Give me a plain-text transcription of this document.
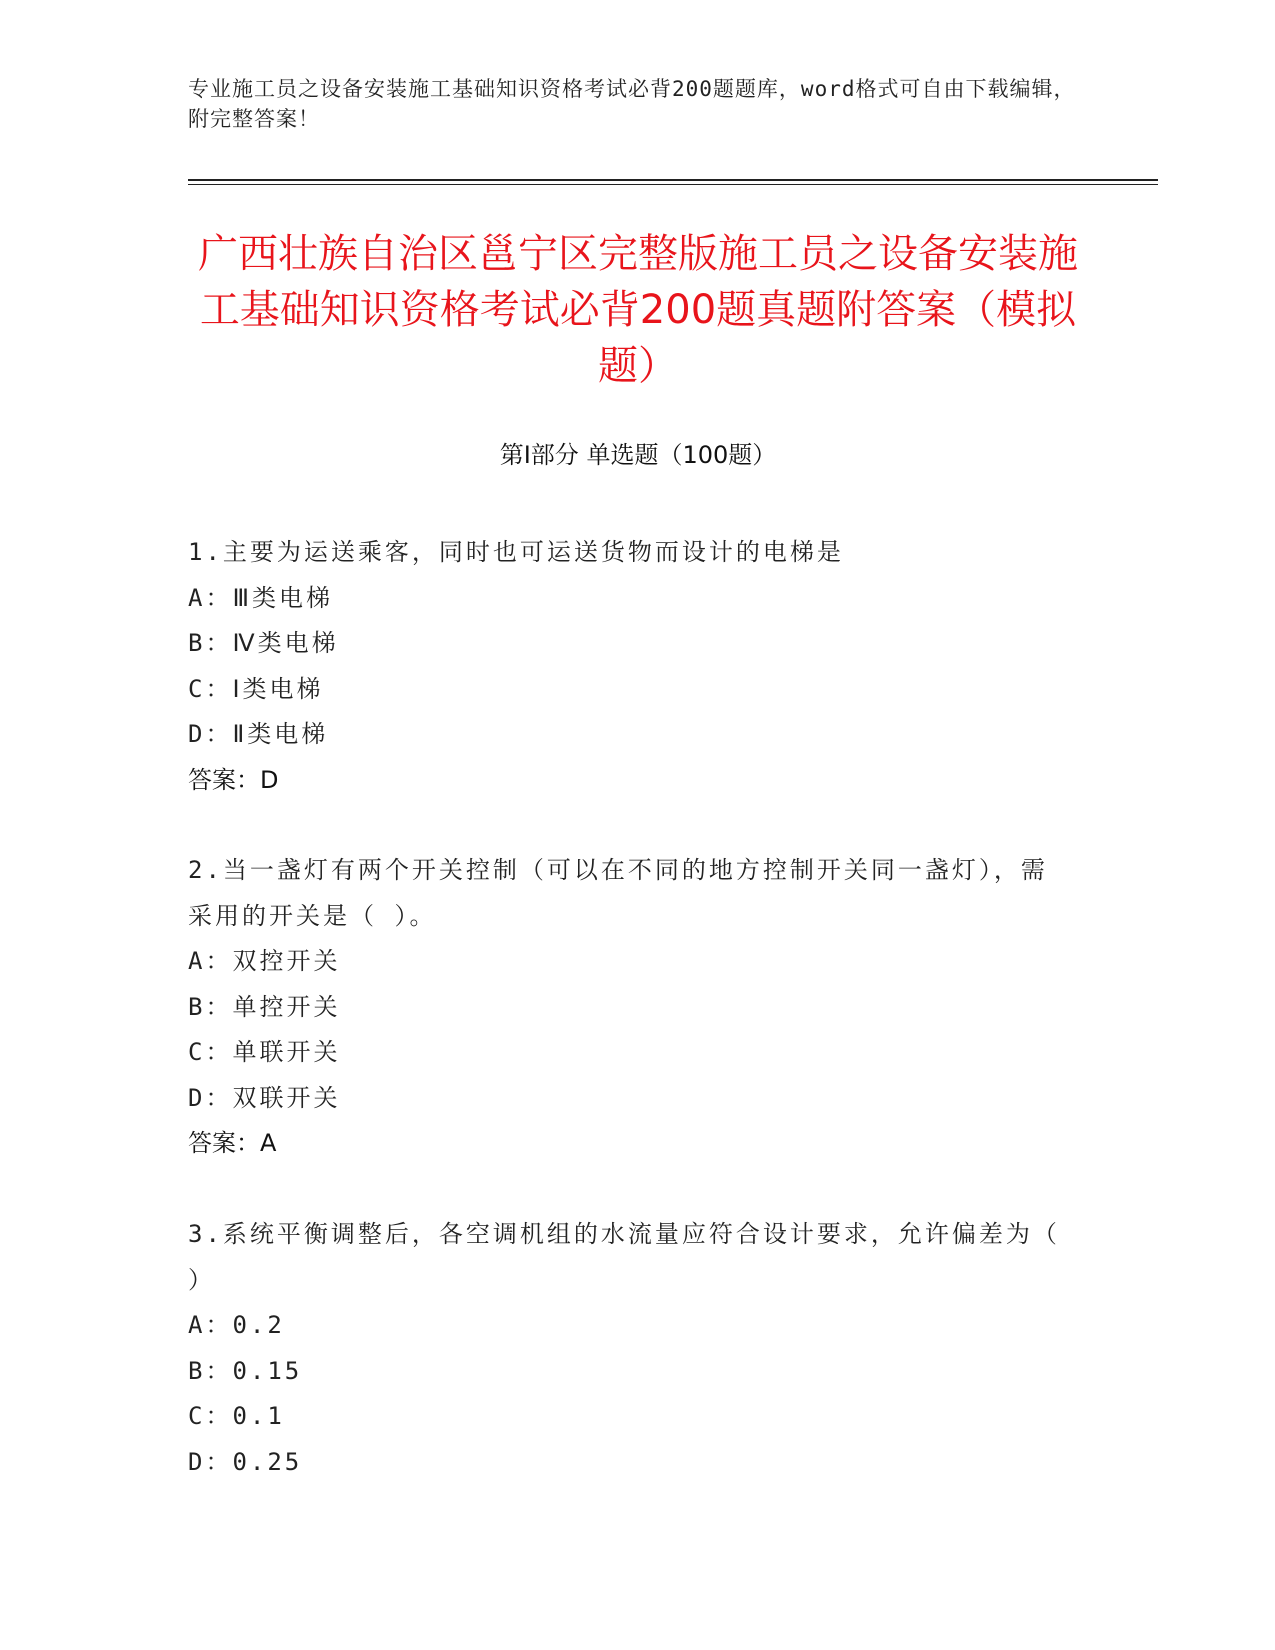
专业施工员之设备安装施工基础知识资格考试必背200题题库，word格式可自由下载编辑，附完整答案！
广西壮族自治区邕宁区完整版施工员之设备安装施工基础知识资格考试必背200题真题附答案（模拟题）
第Ⅰ部分 单选题（100题）
1.主要为运送乘客，同时也可运送货物而设计的电梯是
A：Ⅲ类电梯
B：Ⅳ类电梯
C：Ⅰ类电梯
D：Ⅱ类电梯
答案：D
2.当一盏灯有两个开关控制（可以在不同的地方控制开关同一盏灯），需采用的开关是（ ）。
A：双控开关
B：单控开关
C：单联开关
D：双联开关
答案：A
3.系统平衡调整后，各空调机组的水流量应符合设计要求，允许偏差为（ ）
A：0.2
B：0.15
C：0.1
D：0.25
